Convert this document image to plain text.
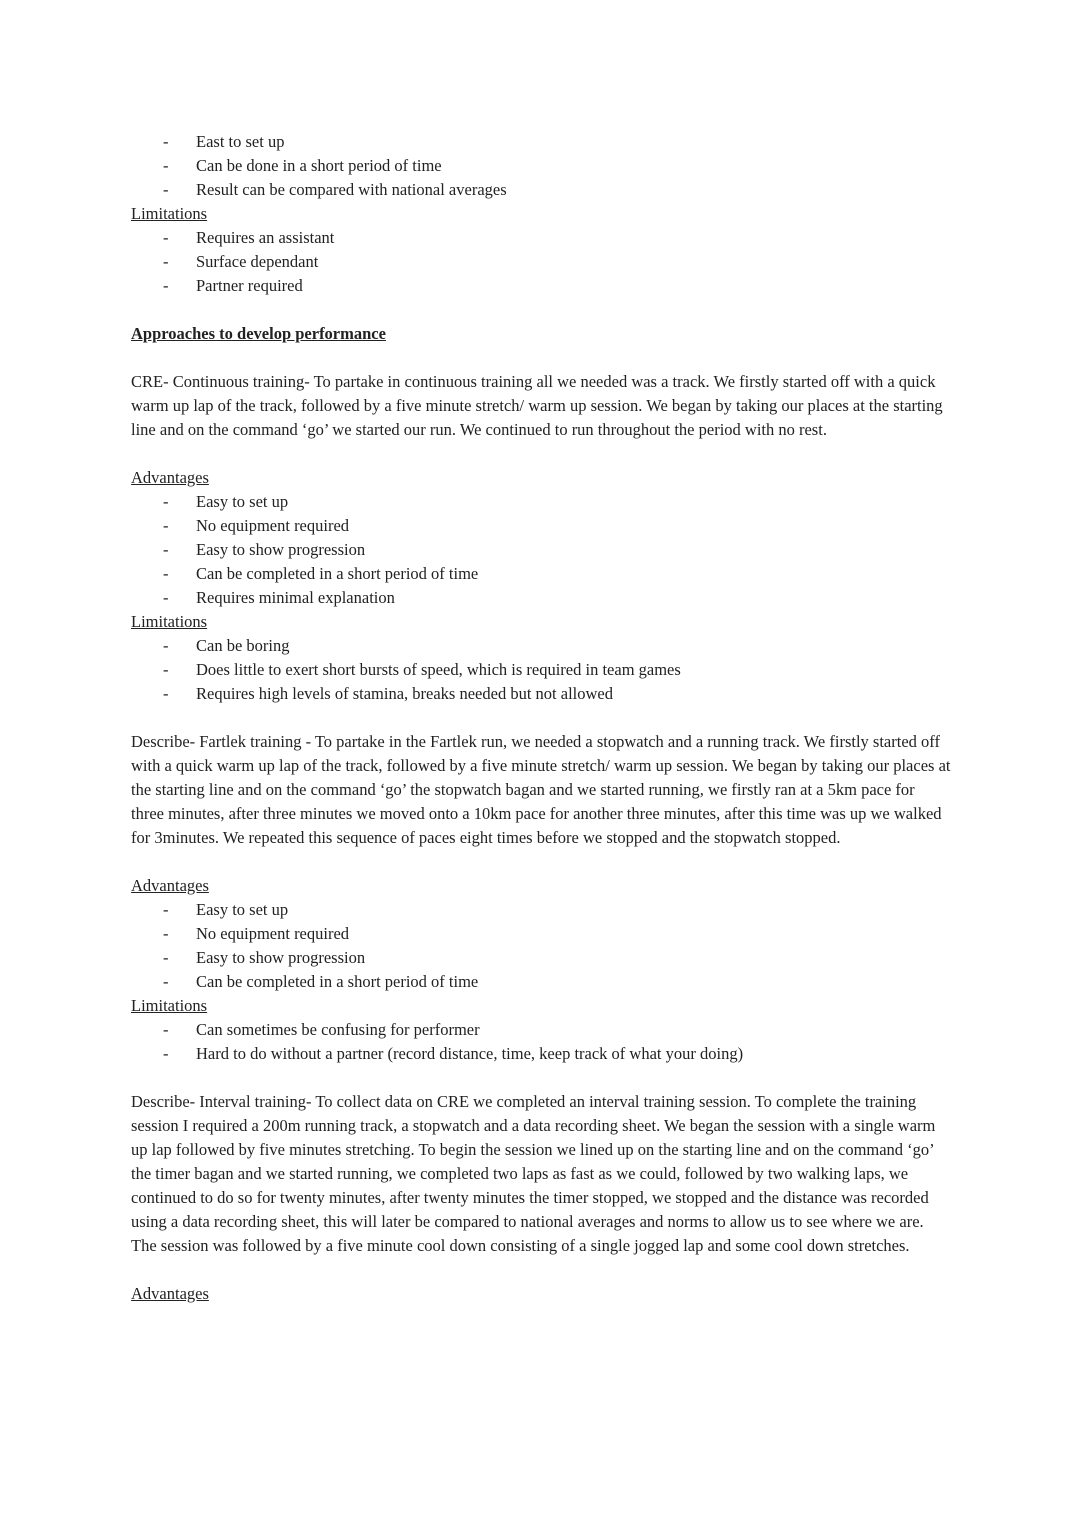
- East to set up
- Can be done in a short period of time
- Result can be compared with national averages
Limitations
- Requires an assistant
- Surface dependant
- Partner required
Approaches to develop performance

CRE- Continuous training- To partake in continuous training all we needed was a track. We firstly started off with a quick warm up lap of the track, followed by a five minute stretch/ warm up session. We began by taking our places at the starting line and on the command ‘go’ we started our run. We continued to run throughout the period with no rest.

Advantages
- Easy to set up
- No equipment required
- Easy to show progression
- Can be completed in a short period of time
- Requires minimal explanation
Limitations
- Can be boring
- Does little to exert short bursts of speed, which is required in team games
- Requires high levels of stamina, breaks needed but not allowed

Describe- Fartlek training - To partake in the Fartlek run, we needed a stopwatch and a running track. We firstly started off with a quick warm up lap of the track, followed by a five minute stretch/ warm up session. We began by taking our places at the starting line and on the command ‘go’ the stopwatch bagan and we started running, we firstly ran at a 5km pace for three minutes, after three minutes we moved onto a 10km pace for another three minutes, after this time was up we walked for 3minutes. We repeated this sequence of paces eight times before we stopped and the stopwatch stopped.

Advantages
- Easy to set up
- No equipment required
- Easy to show progression
- Can be completed in a short period of time
Limitations
- Can sometimes be confusing for performer
- Hard to do without a partner (record distance, time, keep track of what your doing)

Describe- Interval training- To collect data on CRE we completed an interval training session. To complete the training session I required a 200m running track, a stopwatch and a data recording sheet. We began the session with a single warm up lap followed by five minutes stretching. To begin the session we lined up on the starting line and on the command ‘go’ the timer bagan and we started running, we completed two laps as fast as we could, followed by two walking laps, we continued to do so for twenty minutes, after twenty minutes the timer stopped, we stopped and the distance was recorded using a data recording sheet, this will later be compared to national averages and norms to allow us to see where we are. The session was followed by a five minute cool down consisting of a single jogged lap and some cool down stretches.

Advantages
